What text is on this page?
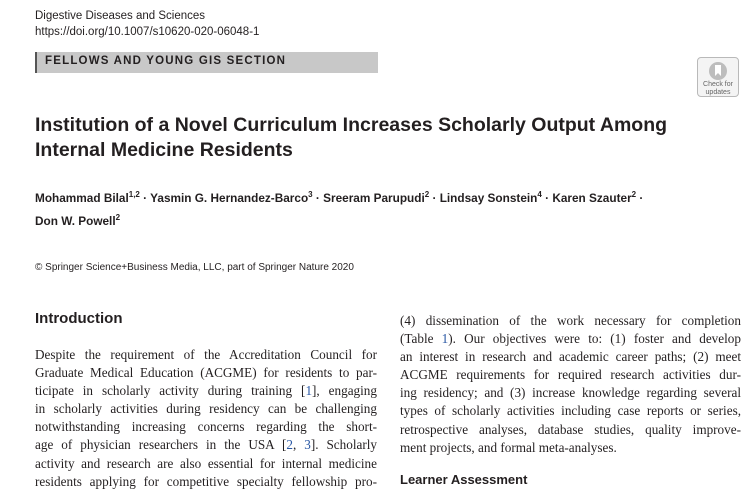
Digestive Diseases and Sciences
https://doi.org/10.1007/s10620-020-06048-1
FELLOWS AND YOUNG GIS SECTION
Check for
updates
Institution of a Novel Curriculum Increases Scholarly Output Among
Internal Medicine Residents
Mohammad Bilal$^{1,2}$ · Yasmin G. Hernandez-Barco$^3$ · Sreeram Parupudi$^2$ · Lindsay Sonstein$^4$ · Karen Szauter$^2$ ·
Don W. Powell$^2$
© Springer Science+Business Media, LLC, part of Springer Nature 2020
Introduction
Despite the requirement of the Accreditation Council for
Graduate Medical Education (ACGME) for residents to par-
ticipate in scholarly activity during training [1], engaging
in scholarly activities during residency can be challenging
notwithstanding increasing concerns regarding the short-
age of physician researchers in the USA [2, 3]. Scholarly
activity and research are also essential for internal medicine
residents applying for competitive specialty fellowship pro-
(4) dissemination of the work necessary for completion
(Table 1). Our objectives were to: (1) foster and develop
an interest in research and academic career paths; (2) meet
ACGME requirements for required research activities dur-
ing residency; and (3) increase knowledge regarding several
types of scholarly activities including case reports or series,
retrospective analyses, database studies, quality improve-
ment projects, and formal meta-analyses.
Learner Assessment
